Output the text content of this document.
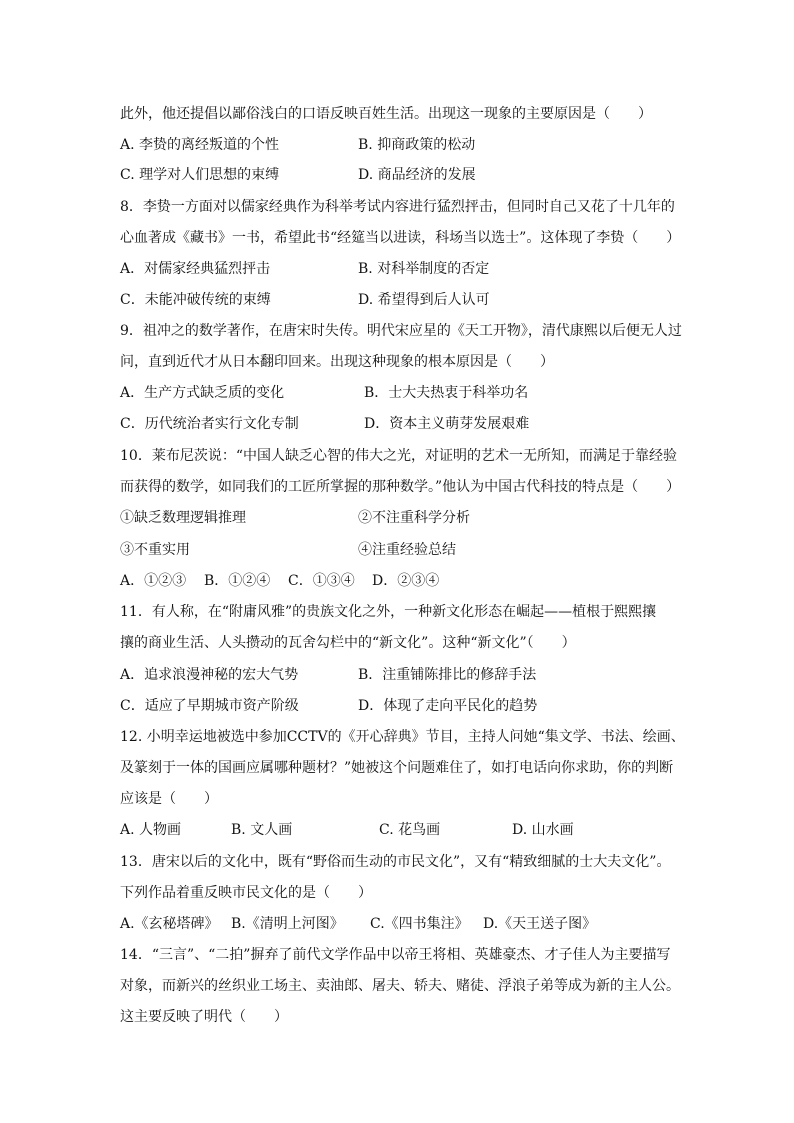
此外，他还提倡以鄙俗浅白的口语反映百姓生活。出现这一现象的主要原因是（　　）
A. 李贽的离经叛道的个性	B. 抑商政策的松动
C. 理学对人们思想的束缚	D. 商品经济的发展
8．李贽一方面对以儒家经典作为科举考试内容进行猛烈抨击，但同时自己又花了十几年的
心血著成《藏书》一书，希望此书“经筵当以进读，科场当以选士”。这体现了李贽（　　）
A．对儒家经典猛烈抨击	B. 对科举制度的否定
C．未能冲破传统的束缚	D. 希望得到后人认可
9．祖冲之的数学著作，在唐宋时失传。明代宋应星的《天工开物》，清代康熙以后便无人过
问，直到近代才从日本翻印回来。出现这种现象的根本原因是（　　）
A．生产方式缺乏质的变化	B．士大夫热衷于科举功名
C．历代统治者实行文化专制	D．资本主义萌芽发展艰难
10．莱布尼茨说：“中国人缺乏心智的伟大之光，对证明的艺术一无所知，而满足于靠经验
而获得的数学，如同我们的工匠所掌握的那种数学。”他认为中国古代科技的特点是（　　）
①缺乏数理逻辑推理	②不注重科学分析
③不重实用	④注重经验总结
A．①②③ B．①②④ C．①③④ D．②③④
11．有人称，在“附庸风雅”的贵族文化之外，一种新文化形态在崛起——植根于熙熙攘
攘的商业生活、人头攒动的瓦舍勾栏中的“新文化”。这种“新文化”（　　）
A．追求浪漫神秘的宏大气势	B．注重铺陈排比的修辞手法
C．适应了早期城市资产阶级	D．体现了走向平民化的趋势
12. 小明幸运地被选中参加CCTV的《开心辞典》节目，主持人问她“集文学、书法、绘画、
及篆刻于一体的国画应属哪种题材？”她被这个问题难住了，如打电话向你求助，你的判断
应该是（　　）
A. 人物画	B. 文人画	C. 花鸟画	D. 山水画
13．唐宋以后的文化中，既有“野俗而生动的市民文化”，又有“精致细腻的士大夫文化”。
下列作品着重反映市民文化的是（　　）
A.《玄秘塔碑》 B.《清明上河图》 C.《四书集注》 D.《天王送子图》
14．“三言”、“二拍”摒弃了前代文学作品中以帝王将相、英雄豪杰、才子佳人为主要描写
对象，而新兴的丝织业工场主、卖油郎、屠夫、轿夫、赌徒、浮浪子弟等成为新的主人公。
这主要反映了明代（　　）
